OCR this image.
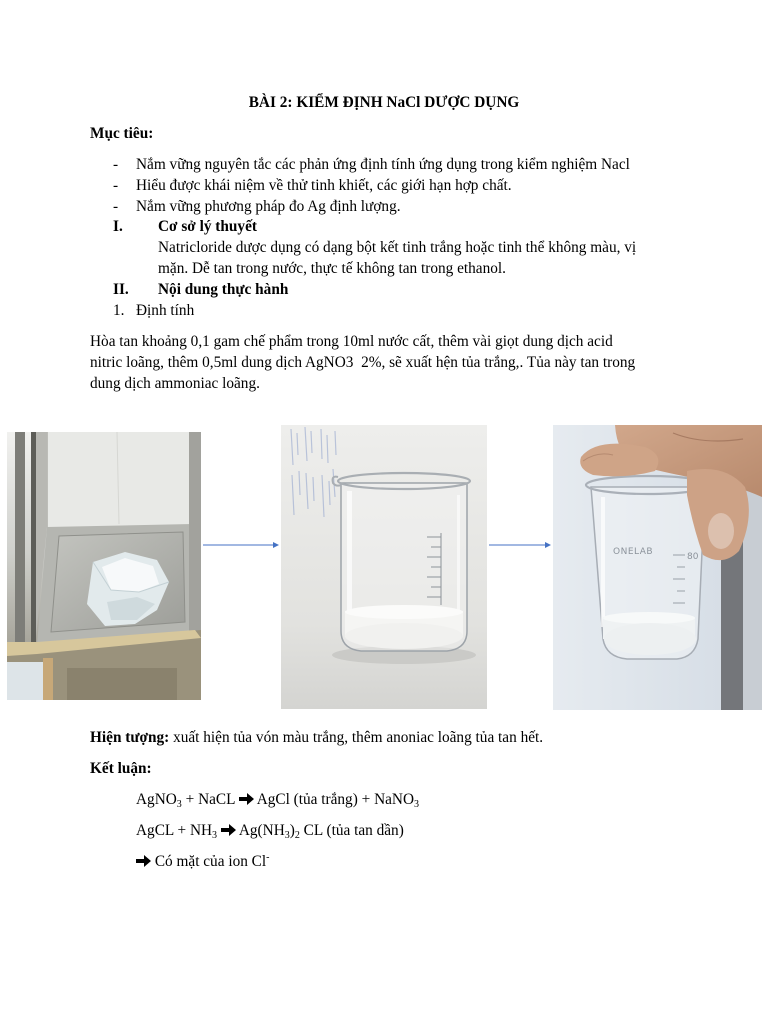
BÀI 2: KIỂM ĐỊNH NaCl DƯỢC DỤNG
Mục tiêu:
- Nắm vững nguyên tắc các phản ứng định tính ứng dụng trong kiểm nghiệm Nacl
- Hiểu được khái niệm về thử tinh khiết, các giới hạn hợp chất.
- Nắm vững phương pháp đo Ag định lượng.
I. Cơ sở lý thuyết
Natricloride dược dụng có dạng bột kết tinh trắng hoặc tinh thể không màu, vị
mặn. Dễ tan trong nước, thực tế không tan trong ethanol.
II. Nội dung thực hành
1. Định tính
Hòa tan khoảng 0,1 gam chế phẩm trong 10ml nước cất, thêm vài giọt dung dịch acid
nitric loãng, thêm 0,5ml dung dịch AgNO3  2%, sẽ xuất hện tủa trắng,. Tủa này tan trong
dung dịch ammoniac loãng.
ONELAB	80
Hiện tượng: xuất hiện tủa vón màu trắng, thêm anoniac loãng tủa tan hết.
Kết luận:
AgNO3 + NaCL  AgCl (tủa trắng) + NaNO3
AgCL + NH3  Ag(NH3)2 CL (tủa tan dần)
Có mặt của ion Cl-
